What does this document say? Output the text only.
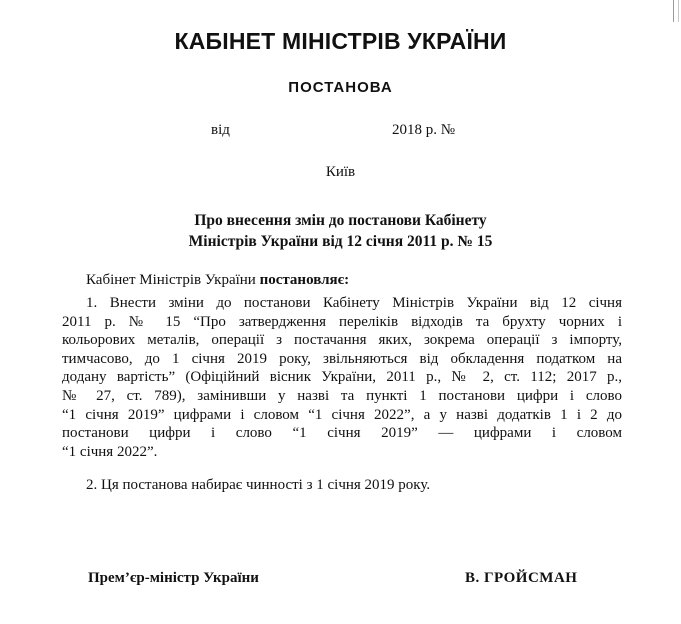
КАБІНЕТ МІНІСТРІВ УКРАЇНИ
ПОСТАНОВА
від	2018 р. №
Київ
Про внесення змін до постанови Кабінету
Міністрів України від 12 січня 2011 р. № 15
Кабінет Міністрів України постановляє:
1. Внести зміни до постанови Кабінету Міністрів України від 12 січня
2011 р. № 15 “Про затвердження переліків відходів та брухту чорних і
кольорових металів, операції з постачання яких, зокрема операції з імпорту,
тимчасово, до 1 січня 2019 року, звільняються від обкладення податком на
додану вартість” (Офіційний вісник України, 2011 р., № 2, ст. 112; 2017 р.,
№ 27, ст. 789), замінивши у назві та пункті 1 постанови цифри і слово
“1 січня 2019” цифрами і словом “1 січня 2022”, а у назві додатків 1 і 2 до
постанови цифри і слово “1 січня 2019” — цифрами і словом
“1 січня 2022”.
2. Ця постанова набирає чинності з 1 січня 2019 року.
Прем’єр-міністр України	В. ГРОЙСМАН
